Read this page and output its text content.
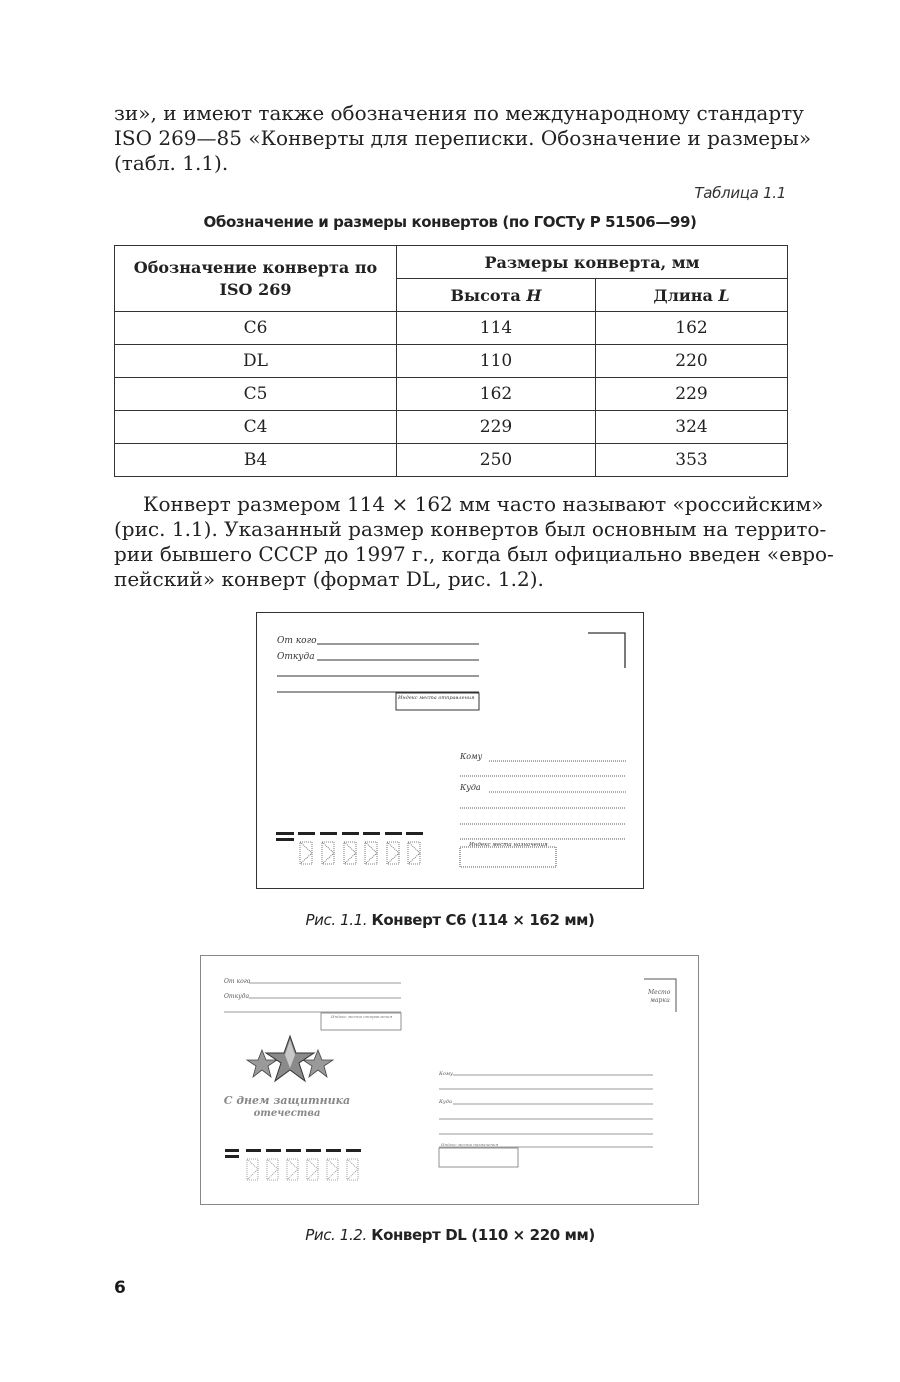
зи», и имеют также обозначения по международному стандарту
ISO 269—85 «Конверты для переписки. Обозначение и размеры»
(табл. 1.1).

Таблица 1.1
Обозначение и размеры конвертов (по ГОСТу Р 51506—99)
Обозначение конверта по ISO 269	Размеры конверта, мм	
	Высота H	Длина L
C6	114	162
DL	110	220
C5	162	229
C4	229	324
B4	250	353

Конверт размером 114 × 162 мм часто называют «российским»
(рис. 1.1). Указанный размер конвертов был основным на террито-
рии бывшего СССР до 1997 г., когда был официально введен «евро-
пейский» конверт (формат DL, рис. 1.2).

От кого
Откуда
Индекс места отправления
Кому
Куда
Индекс места назначения
Рис. 1.1. Конверт С6 (114 × 162 мм)
От кого
Откуда
Индекс места отправления
Место
марки
С днем защитника
отечества
Кому
Куда
Индекс места назначения
Рис. 1.2. Конверт DL (110 × 220 мм)
6
